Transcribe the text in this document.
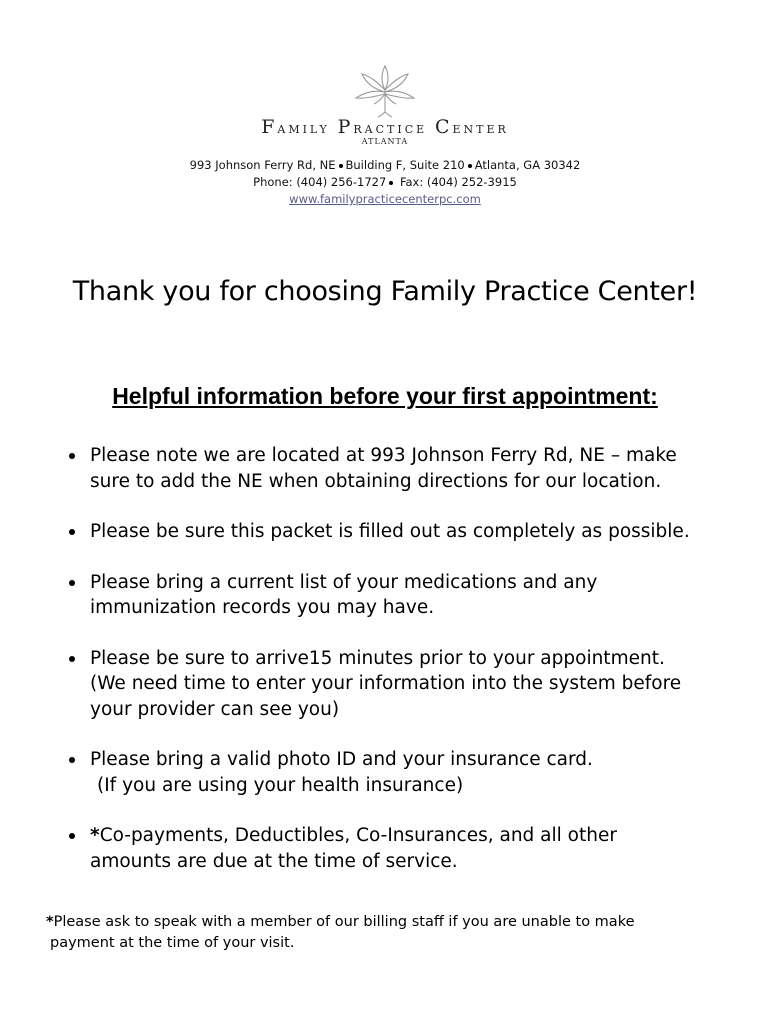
Family Practice Center
ATLANTA
993 Johnson Ferry Rd, NE Building F, Suite 210 Atlanta, GA 30342
Phone: (404) 256-1727 Fax: (404) 252-3915
www.familypracticecenterpc.com
Thank you for choosing Family Practice Center!
Helpful information before your first appointment:
Please note we are located at 993 Johnson Ferry Rd, NE – make
sure to add the NE when obtaining directions for our location.
Please be sure this packet is filled out as completely as possible.
Please bring a current list of your medications and any
immunization records you may have.
Please be sure to arrive15 minutes prior to your appointment.
(We need time to enter your information into the system before
your provider can see you)
Please bring a valid photo ID and your insurance card.
(If you are using your health insurance)
*Co-payments, Deductibles, Co-Insurances, and all other
amounts are due at the time of service.
*Please ask to speak with a member of our billing staff if you are unable to make
payment at the time of your visit.
